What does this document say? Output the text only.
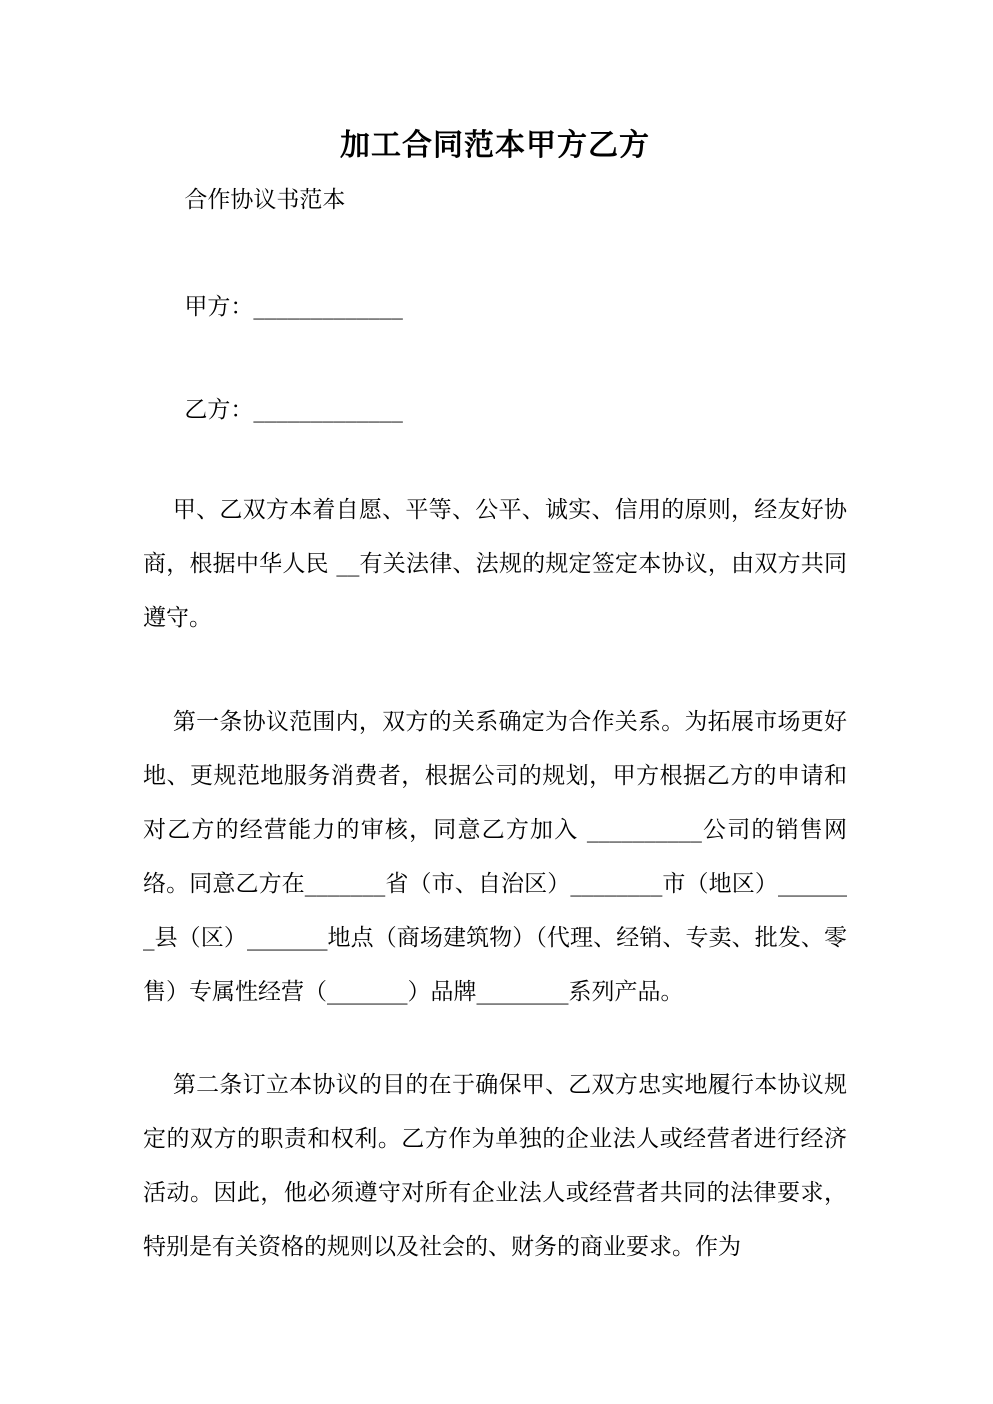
加工合同范本甲方乙方

合作协议书范本

甲方：_____________

乙方：_____________

甲、乙双方本着自愿、平等、公平、诚实、信用的原则，经友好协商，根据中华人民 __有关法律、法规的规定签定本协议，由双方共同遵守。

第一条协议范围内，双方的关系确定为合作关系。为拓展市场更好地、更规范地服务消费者，根据公司的规划，甲方根据乙方的申请和对乙方的经营能力的审核，同意乙方加入 __________公司的销售网络。同意乙方在_______省（市、自治区）________市（地区）_______县（区）_______地点（商场建筑物）（代理、经销、专卖、批发、零售）专属性经营（_______）品牌________系列产品。

第二条订立本协议的目的在于确保甲、乙双方忠实地履行本协议规定的双方的职责和权利。乙方作为单独的企业法人或经营者进行经济活动。因此，他必须遵守对所有企业法人或经营者共同的法律要求，特别是有关资格的规则以及社会的、财务的商业要求。作为
